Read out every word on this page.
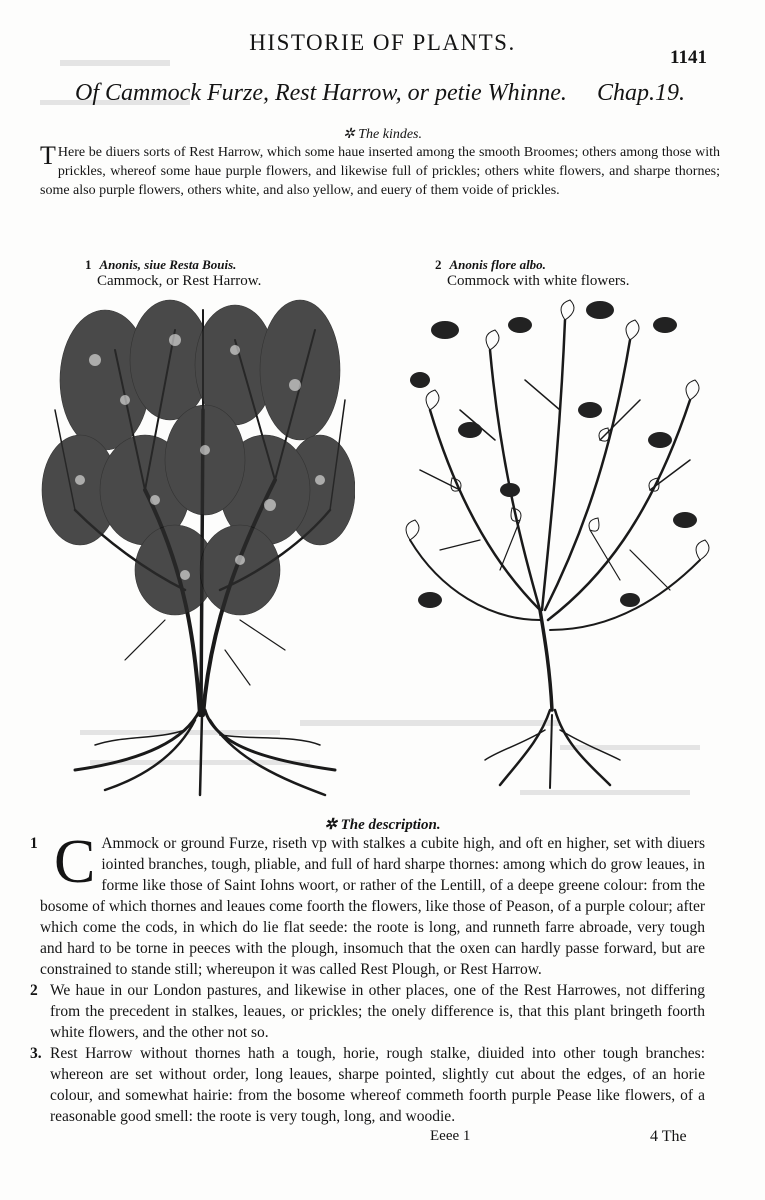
HISTORIE OF PLANTS.
1141
Of Cammock Furze, Rest Harrow, or petie Whinne. Chap.19.
✲ The kindes.
T Here be diuers sorts of Rest Harrow, which some haue inserted among the smooth Broomes; others among those with prickles, whereof some haue purple flowers, and likewise full of prickles; others white flowers, and sharpe thornes; some also purple flowers, others white, and also yellow, and euery of them voide of prickles.
1 Anonis, siue Resta Bouis.
Cammock, or Rest Harrow.
2 Anonis flore albo.
Commock with white flowers.
✲ The description.

1 C Ammock or ground Furze, riseth vp with stalkes a cubite high, and oft en higher, set with diuers iointed branches, tough, pliable, and full of hard sharpe thornes: among which do grow leaues, in forme like those of Saint Iohns woort, or rather of the Lentill, of a deepe greene colour: from the bosome of which thornes and leaues come foorth the flowers, like those of Peason, of a purple colour; after which come the cods, in which do lie flat seede: the roote is long, and runneth farre abroade, very tough and hard to be torne in peeces with the plough, insomuch that the oxen can hardly passe forward, but are constrained to stande still; whereupon it was called Rest Plough, or Rest Harrow.

2 We haue in our London pastures, and likewise in other places, one of the Rest Harrowes, not differing from the precedent in stalkes, leaues, or prickles; the onely difference is, that this plant bringeth foorth white flowers, and the other not so.

3. Rest Harrow without thornes hath a tough, horie, rough stalke, diuided into other tough branches: whereon are set without order, long leaues, sharpe pointed, slightly cut about the edges, of an horie colour, and somewhat hairie: from the bosome whereof commeth foorth purple Pease like flowers, of a reasonable good smell: the roote is very tough, long, and woodie.

Eeee 1	4 The
